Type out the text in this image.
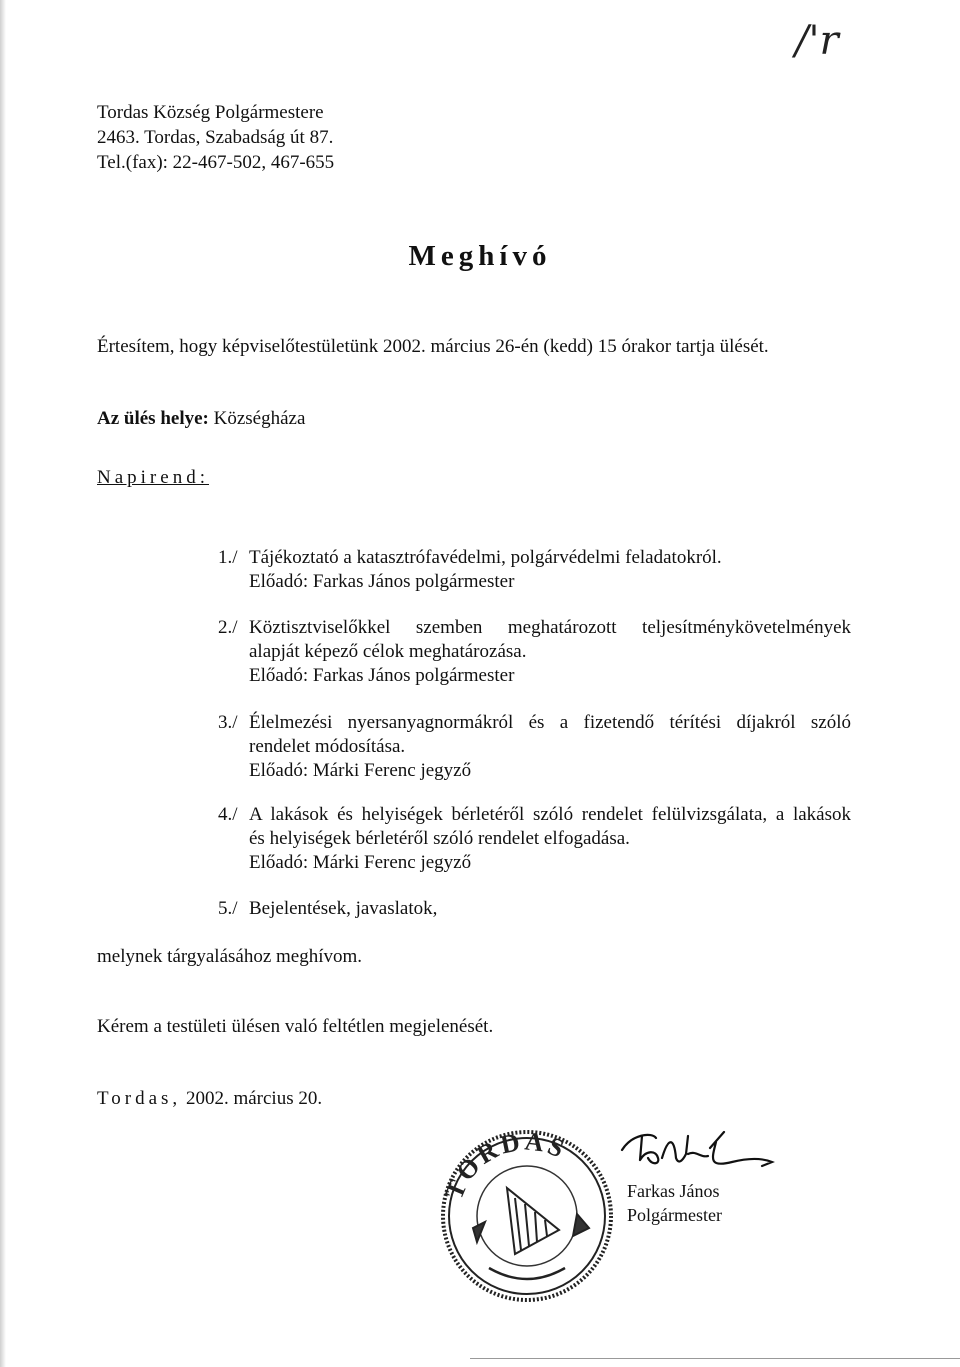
/'r
Tordas Község Polgármestere
2463. Tordas, Szabadság út 87.
Tel.(fax): 22-467-502, 467-655
Meghívó
Értesítem, hogy képviselőtestületünk 2002. március 26-én (kedd) 15 órakor tartja ülését.
Az ülés helye: Községháza
Napirend:
1./ Tájékoztató a katasztrófavédelmi, polgárvédelmi feladatokról.
Előadó: Farkas János polgármester
2./ Köztisztviselőkkel szemben meghatározott teljesítménykövetelmények
alapját képező célok meghatározása.
Előadó: Farkas János polgármester
3./ Élelmezési nyersanyagnormákról és a fizetendő térítési díjakról szóló
rendelet módosítása.
Előadó: Márki Ferenc jegyző
4./ A lakások és helyiségek bérletéről szóló rendelet felülvizsgálata, a lakások
és helyiségek bérletéről szóló rendelet elfogadása.
Előadó: Márki Ferenc jegyző
5./ Bejelentések, javaslatok,
melynek tárgyalásához meghívom.
Kérem a testületi ülésen való feltétlen megjelenését.
Tordas, 2002. március 20.
TORDAS
Farkas János
Polgármester
